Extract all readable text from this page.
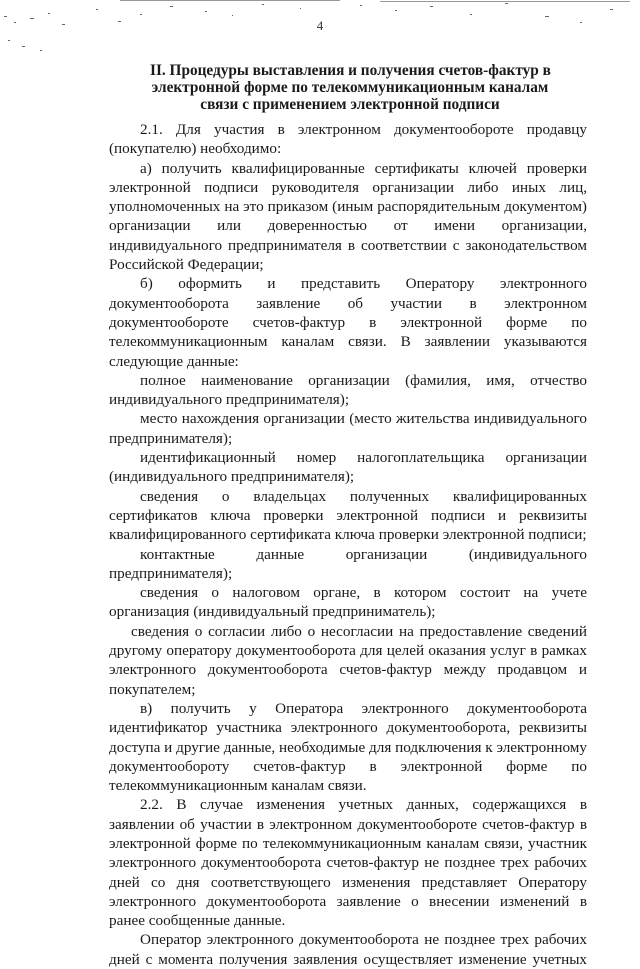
4
II. Процедуры выставления и получения счетов-фактур в
электронной форме по телекоммуникационным каналам
связи с применением электронной подписи
2.1. Для участия в электронном документообороте продавцу (покупателю) необходимо:
а) получить квалифицированные сертификаты ключей проверки электронной подписи руководителя организации либо иных лиц, уполномоченных на это приказом (иным распорядительным документом) организации или доверенностью от имени организации, индивидуального предпринимателя в соответствии с законодательством Российской Федерации;
б) оформить и представить Оператору электронного документооборота заявление об участии в электронном документообороте счетов-фактур в электронной форме по телекоммуникационным каналам связи. В заявлении указываются следующие данные:
полное наименование организации (фамилия, имя, отчество индивидуального предпринимателя);
место нахождения организации (место жительства индивидуального предпринимателя);
идентификационный номер налогоплательщика организации (индивидуального предпринимателя);
сведения о владельцах полученных квалифицированных сертификатов ключа проверки электронной подписи и реквизиты квалифицированного сертификата ключа проверки электронной подписи;
контактные данные организации (индивидуального предпринимателя);
сведения о налоговом органе, в котором состоит на учете организация (индивидуальный предприниматель);
сведения о согласии либо о несогласии на предоставление сведений другому оператору документооборота для целей оказания услуг в рамках электронного документооборота счетов-фактур между продавцом и покупателем;
в) получить у Оператора электронного документооборота идентификатор участника электронного документооборота, реквизиты доступа и другие данные, необходимые для подключения к электронному документообороту счетов-фактур в электронной форме по телекоммуникационным каналам связи.
2.2. В случае изменения учетных данных, содержащихся в заявлении об участии в электронном документообороте счетов-фактур в электронной форме по телекоммуникационным каналам связи, участник электронного документооборота счетов-фактур не позднее трех рабочих дней со дня соответствующего изменения представляет Оператору электронного документооборота заявление о внесении изменений в ранее сообщенные данные.
Оператор электронного документооборота не позднее трех рабочих дней с момента получения заявления осуществляет изменение учетных
